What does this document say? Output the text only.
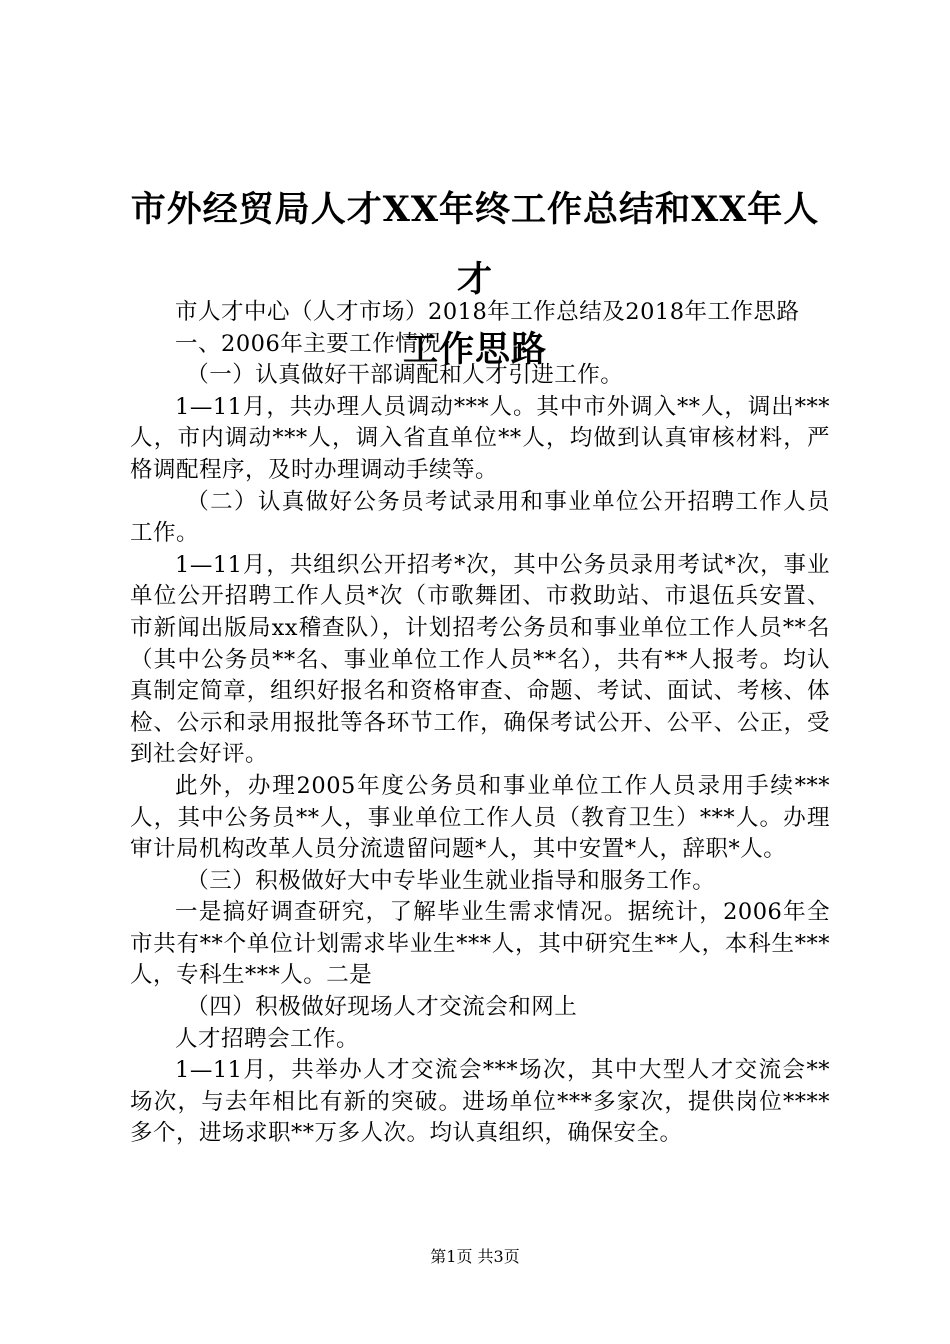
市外经贸局人才XX年终工作总结和XX年人才
工作思路

市人才中心（人才市场）2018年工作总结及2018年工作思路

一、2006年主要工作情况

（一）认真做好干部调配和人才引进工作。

1—11月，共办理人员调动***人。其中市外调入**人，调出***人，市内调动***人，调入省直单位**人，均做到认真审核材料，严格调配程序，及时办理调动手续等。

（二）认真做好公务员考试录用和事业单位公开招聘工作人员工作。

1—11月，共组织公开招考*次，其中公务员录用考试*次，事业单位公开招聘工作人员*次（市歌舞团、市救助站、市退伍兵安置、市新闻出版局xx稽查队），计划招考公务员和事业单位工作人员**名（其中公务员**名、事业单位工作人员**名），共有**人报考。均认真制定简章，组织好报名和资格审查、命题、考试、面试、考核、体检、公示和录用报批等各环节工作，确保考试公开、公平、公正，受到社会好评。

此外，办理2005年度公务员和事业单位工作人员录用手续***人，其中公务员**人，事业单位工作人员（教育卫生）***人。办理审计局机构改革人员分流遗留问题*人，其中安置*人，辞职*人。

（三）积极做好大中专毕业生就业指导和服务工作。

一是搞好调查研究，了解毕业生需求情况。据统计，2006年全市共有**个单位计划需求毕业生***人，其中研究生**人，本科生***人，专科生***人。二是

（四）积极做好现场人才交流会和网上

人才招聘会工作。

1—11月，共举办人才交流会***场次，其中大型人才交流会**场次，与去年相比有新的突破。进场单位***多家次，提供岗位****多个，进场求职**万多人次。均认真组织，确保安全。

第1页 共3页
